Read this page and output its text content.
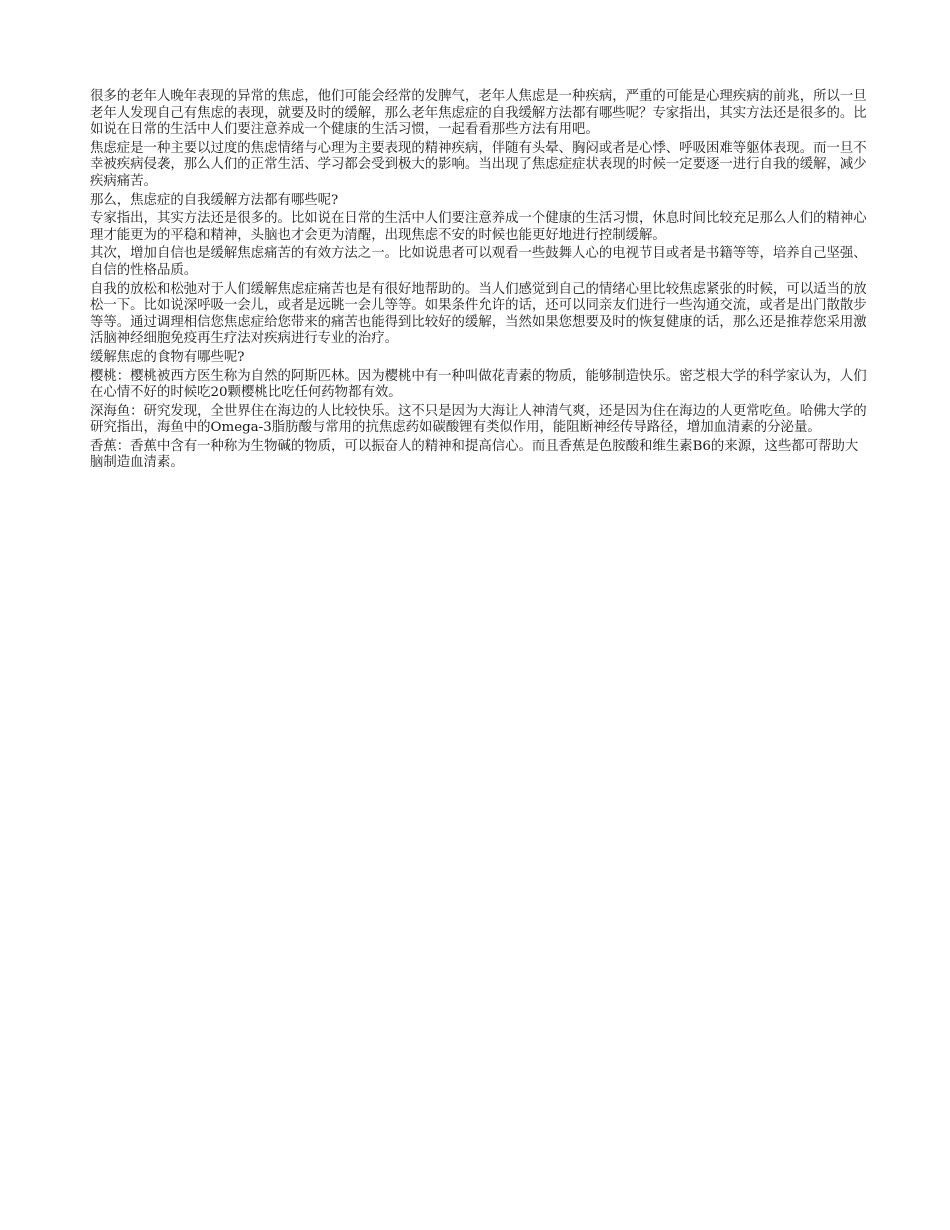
很多的老年人晚年表现的异常的焦虑，他们可能会经常的发脾气，老年人焦虑是一种疾病，严重的可能是心理疾病的前兆，所以一旦老年人发现自己有焦虑的表现，就要及时的缓解，那么老年焦虑症的自我缓解方法都有哪些呢？专家指出，其实方法还是很多的。比如说在日常的生活中人们要注意养成一个健康的生活习惯，一起看看那些方法有用吧。

焦虑症是一种主要以过度的焦虑情绪与心理为主要表现的精神疾病，伴随有头晕、胸闷或者是心悸、呼吸困难等躯体表现。而一旦不幸被疾病侵袭，那么人们的正常生活、学习都会受到极大的影响。当出现了焦虑症症状表现的时候一定要逐一进行自我的缓解，减少疾病痛苦。

那么，焦虑症的自我缓解方法都有哪些呢?

专家指出，其实方法还是很多的。比如说在日常的生活中人们要注意养成一个健康的生活习惯，休息时间比较充足那么人们的精神心理才能更为的平稳和精神，头脑也才会更为清醒，出现焦虑不安的时候也能更好地进行控制缓解。

其次，增加自信也是缓解焦虑痛苦的有效方法之一。比如说患者可以观看一些鼓舞人心的电视节目或者是书籍等等，培养自己坚强、自信的性格品质。

自我的放松和松弛对于人们缓解焦虑症痛苦也是有很好地帮助的。当人们感觉到自己的情绪心里比较焦虑紧张的时候，可以适当的放松一下。比如说深呼吸一会儿，或者是远眺一会儿等等。如果条件允许的话，还可以同亲友们进行一些沟通交流，或者是出门散散步等等。通过调理相信您焦虑症给您带来的痛苦也能得到比较好的缓解，当然如果您想要及时的恢复健康的话，那么还是推荐您采用激活脑神经细胞免疫再生疗法对疾病进行专业的治疗。

缓解焦虑的食物有哪些呢?

樱桃：樱桃被西方医生称为自然的阿斯匹林。因为樱桃中有一种叫做花青素的物质，能够制造快乐。密芝根大学的科学家认为，人们在心情不好的时候吃20颗樱桃比吃任何药物都有效。

深海鱼：研究发现，全世界住在海边的人比较快乐。这不只是因为大海让人神清气爽，还是因为住在海边的人更常吃鱼。哈佛大学的研究指出，海鱼中的Omega-3脂肪酸与常用的抗焦虑药如碳酸锂有类似作用，能阻断神经传导路径，增加血清素的分泌量。

香蕉：香蕉中含有一种称为生物碱的物质，可以振奋人的精神和提高信心。而且香蕉是色胺酸和维生素B6的来源，这些都可帮助大脑制造血清素。
